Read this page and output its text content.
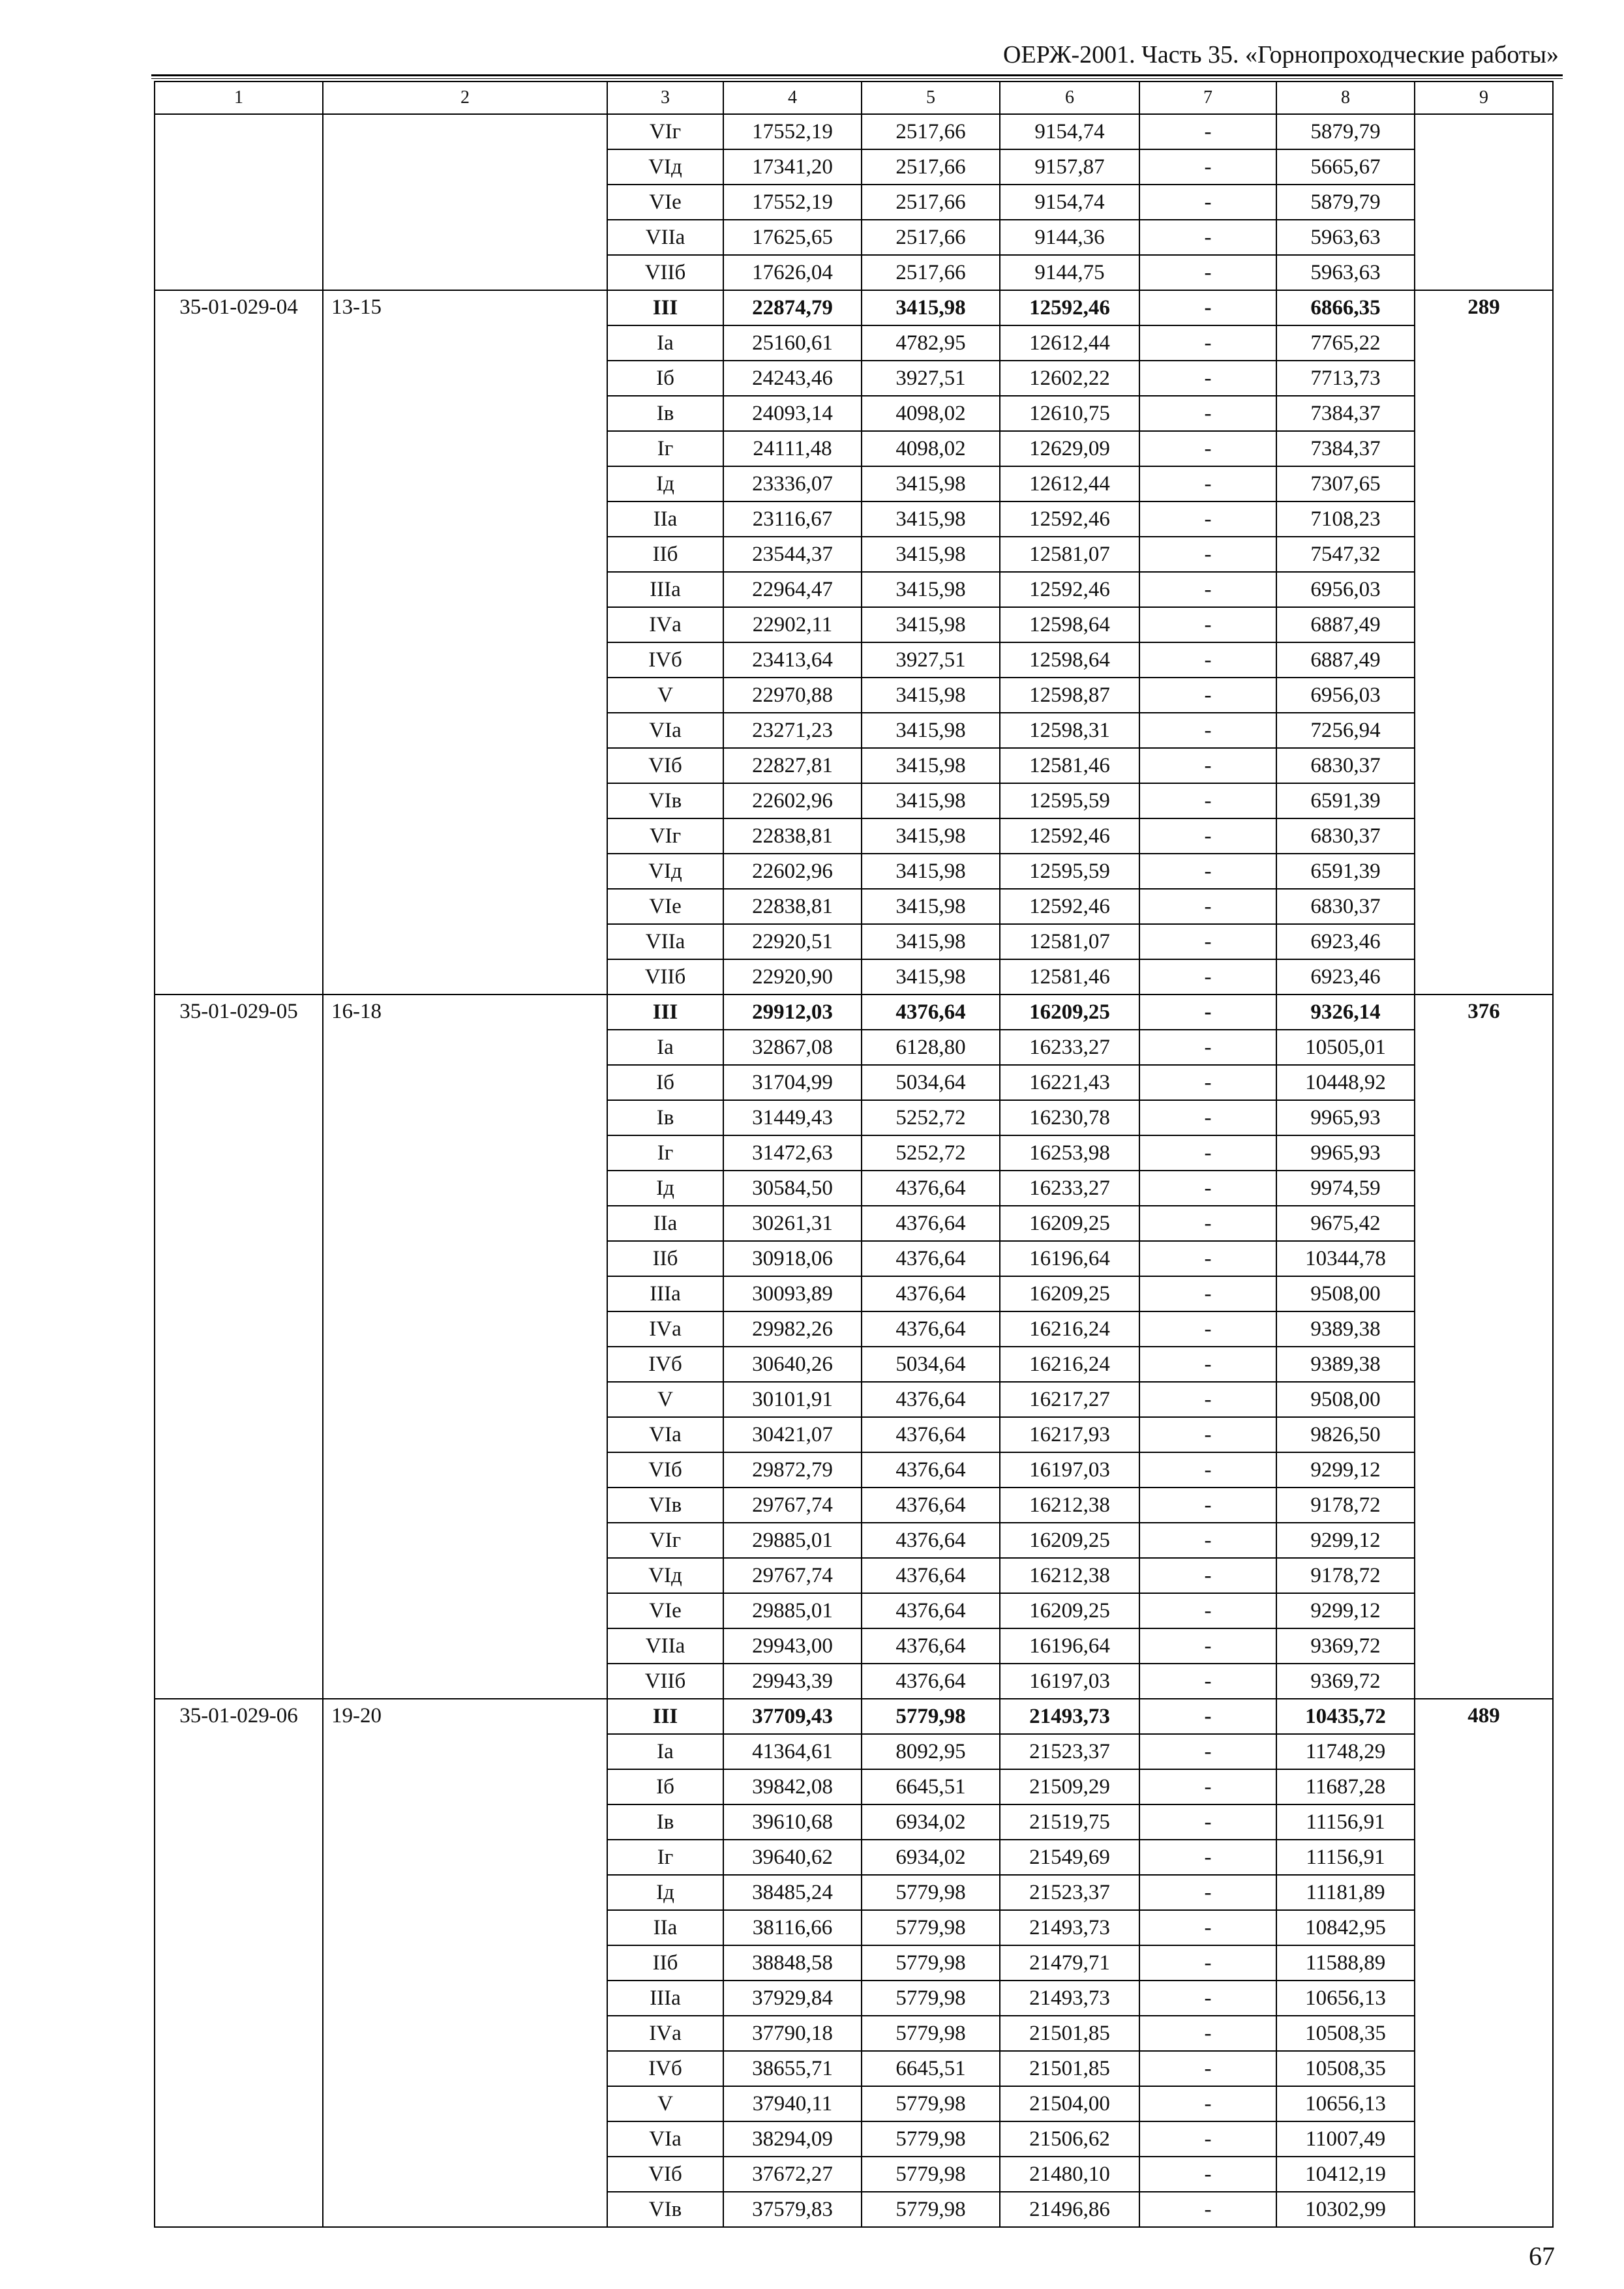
ОЕРЖ-2001. Часть 35. «Горнопроходческие работы»
1	2	3	4	5	6	7	8	9
		VIг	17552,19	2517,66	9154,74	-	5879,79	
		VIд	17341,20	2517,66	9157,87	-	5665,67	
		VIе	17552,19	2517,66	9154,74	-	5879,79	
		VIIа	17625,65	2517,66	9144,36	-	5963,63	
		VIIб	17626,04	2517,66	9144,75	-	5963,63	
35-01-029-04	13-15	III	22874,79	3415,98	12592,46	-	6866,35	289
		Iа	25160,61	4782,95	12612,44	-	7765,22	
		Iб	24243,46	3927,51	12602,22	-	7713,73	
		Iв	24093,14	4098,02	12610,75	-	7384,37	
		Iг	24111,48	4098,02	12629,09	-	7384,37	
		Iд	23336,07	3415,98	12612,44	-	7307,65	
		IIа	23116,67	3415,98	12592,46	-	7108,23	
		IIб	23544,37	3415,98	12581,07	-	7547,32	
		IIIа	22964,47	3415,98	12592,46	-	6956,03	
		IVа	22902,11	3415,98	12598,64	-	6887,49	
		IVб	23413,64	3927,51	12598,64	-	6887,49	
		V	22970,88	3415,98	12598,87	-	6956,03	
		VIа	23271,23	3415,98	12598,31	-	7256,94	
		VIб	22827,81	3415,98	12581,46	-	6830,37	
		VIв	22602,96	3415,98	12595,59	-	6591,39	
		VIг	22838,81	3415,98	12592,46	-	6830,37	
		VIд	22602,96	3415,98	12595,59	-	6591,39	
		VIе	22838,81	3415,98	12592,46	-	6830,37	
		VIIа	22920,51	3415,98	12581,07	-	6923,46	
		VIIб	22920,90	3415,98	12581,46	-	6923,46	
35-01-029-05	16-18	III	29912,03	4376,64	16209,25	-	9326,14	376
		Iа	32867,08	6128,80	16233,27	-	10505,01	
		Iб	31704,99	5034,64	16221,43	-	10448,92	
		Iв	31449,43	5252,72	16230,78	-	9965,93	
		Iг	31472,63	5252,72	16253,98	-	9965,93	
		Iд	30584,50	4376,64	16233,27	-	9974,59	
		IIа	30261,31	4376,64	16209,25	-	9675,42	
		IIб	30918,06	4376,64	16196,64	-	10344,78	
		IIIа	30093,89	4376,64	16209,25	-	9508,00	
		IVа	29982,26	4376,64	16216,24	-	9389,38	
		IVб	30640,26	5034,64	16216,24	-	9389,38	
		V	30101,91	4376,64	16217,27	-	9508,00	
		VIа	30421,07	4376,64	16217,93	-	9826,50	
		VIб	29872,79	4376,64	16197,03	-	9299,12	
		VIв	29767,74	4376,64	16212,38	-	9178,72	
		VIг	29885,01	4376,64	16209,25	-	9299,12	
		VIд	29767,74	4376,64	16212,38	-	9178,72	
		VIе	29885,01	4376,64	16209,25	-	9299,12	
		VIIа	29943,00	4376,64	16196,64	-	9369,72	
		VIIб	29943,39	4376,64	16197,03	-	9369,72	
35-01-029-06	19-20	III	37709,43	5779,98	21493,73	-	10435,72	489
		Iа	41364,61	8092,95	21523,37	-	11748,29	
		Iб	39842,08	6645,51	21509,29	-	11687,28	
		Iв	39610,68	6934,02	21519,75	-	11156,91	
		Iг	39640,62	6934,02	21549,69	-	11156,91	
		Iд	38485,24	5779,98	21523,37	-	11181,89	
		IIа	38116,66	5779,98	21493,73	-	10842,95	
		IIб	38848,58	5779,98	21479,71	-	11588,89	
		IIIа	37929,84	5779,98	21493,73	-	10656,13	
		IVа	37790,18	5779,98	21501,85	-	10508,35	
		IVб	38655,71	6645,51	21501,85	-	10508,35	
		V	37940,11	5779,98	21504,00	-	10656,13	
		VIа	38294,09	5779,98	21506,62	-	11007,49	
		VIб	37672,27	5779,98	21480,10	-	10412,19	
		VIв	37579,83	5779,98	21496,86	-	10302,99	
67
